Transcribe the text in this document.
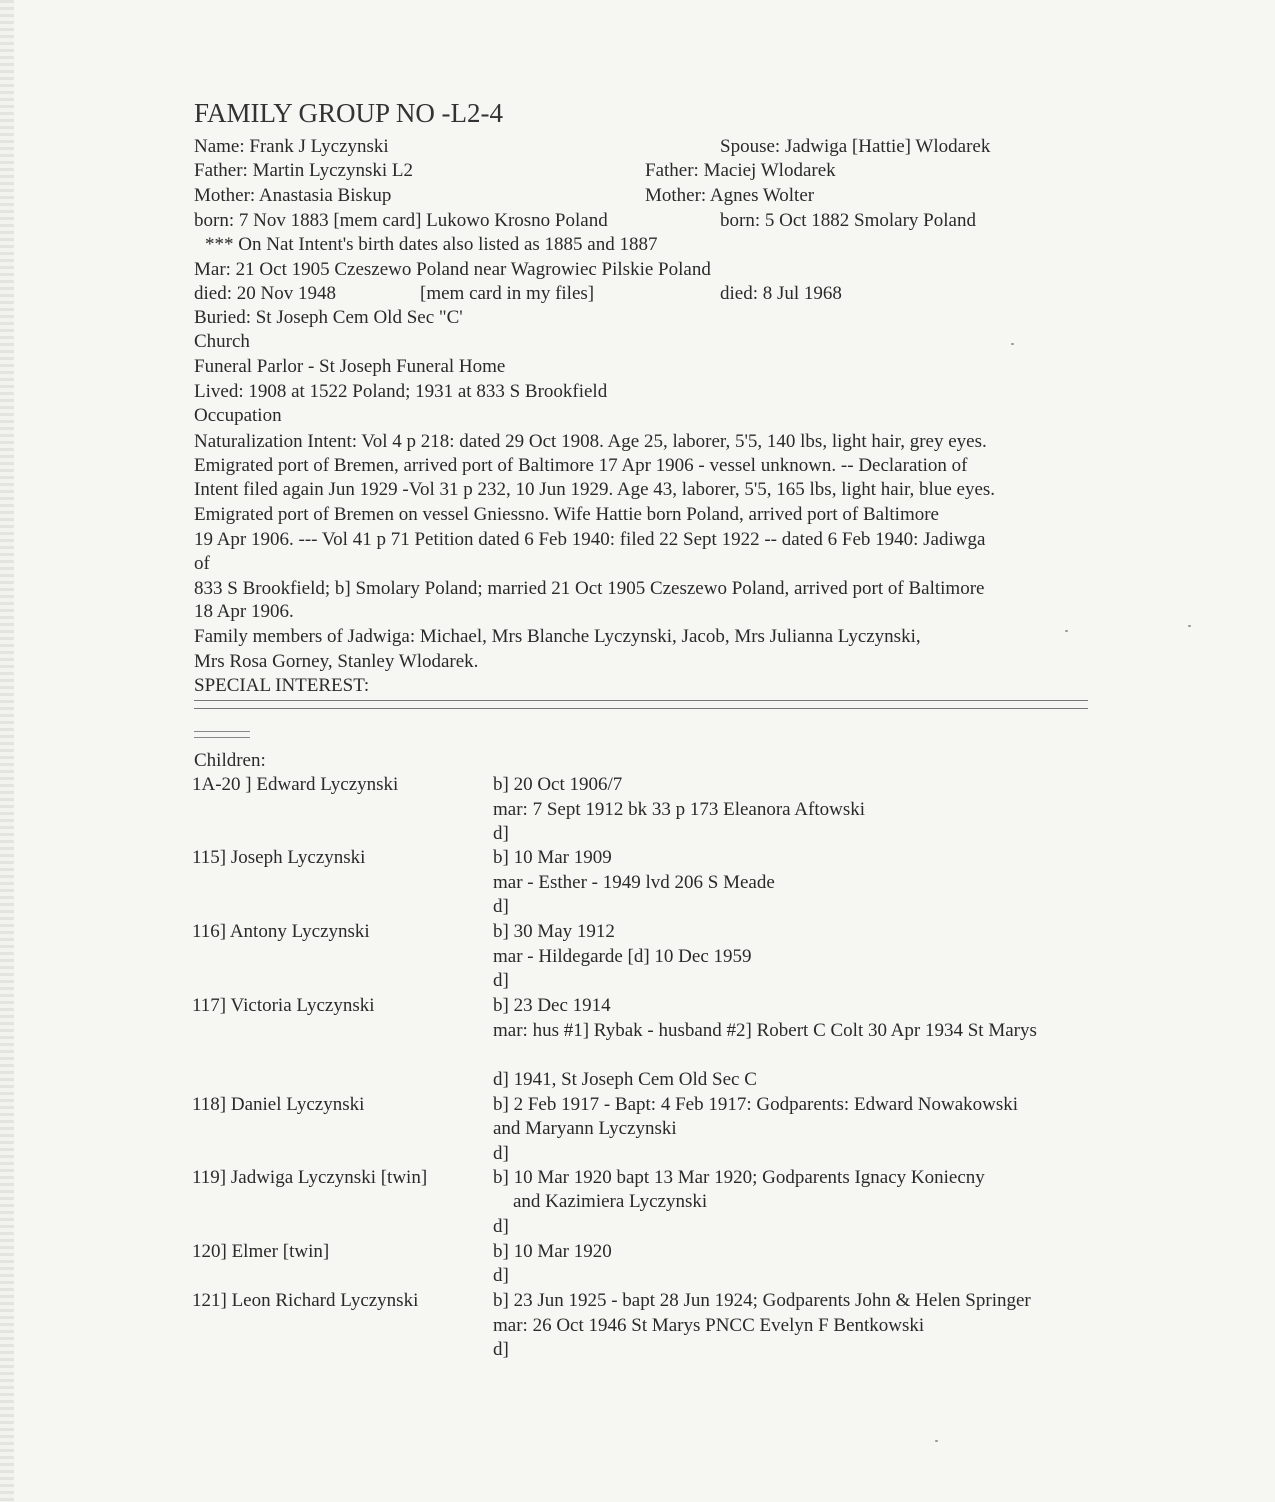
FAMILY GROUP NO -L2-4
Name: Frank J Lyczynski	Spouse: Jadwiga [Hattie] Wlodarek
Father: Martin Lyczynski L2	Father: Maciej Wlodarek
Mother: Anastasia Biskup	Mother: Agnes Wolter
born: 7 Nov 1883 [mem card] Lukowo Krosno Poland	born: 5 Oct 1882 Smolary Poland
*** On Nat Intent's birth dates also listed as 1885 and 1887
Mar: 21 Oct 1905 Czeszewo Poland near Wagrowiec Pilskie Poland
died: 20 Nov 1948	[mem card in my files]	died: 8 Jul 1968
Buried: St Joseph Cem Old Sec "C'
Church
Funeral Parlor - St Joseph Funeral Home
Lived: 1908 at 1522 Poland; 1931 at 833 S Brookfield
Occupation
Naturalization Intent: Vol 4 p 218: dated 29 Oct 1908. Age 25, laborer, 5'5, 140 lbs, light hair, grey eyes.
Emigrated port of Bremen, arrived port of Baltimore 17 Apr 1906 - vessel unknown. -- Declaration of
Intent filed again Jun 1929 -Vol 31 p 232, 10 Jun 1929. Age 43, laborer, 5'5, 165 lbs, light hair, blue eyes.
Emigrated port of Bremen on vessel Gniessno. Wife Hattie born Poland, arrived port of Baltimore
19 Apr 1906. --- Vol 41 p 71 Petition dated 6 Feb 1940: filed 22 Sept 1922 -- dated 6 Feb 1940: Jadiwga
of
833 S Brookfield; b] Smolary Poland; married 21 Oct 1905 Czeszewo Poland, arrived port of Baltimore
18 Apr 1906.
Family members of Jadwiga: Michael, Mrs Blanche Lyczynski, Jacob, Mrs Julianna Lyczynski,
Mrs Rosa Gorney, Stanley Wlodarek.
SPECIAL INTEREST:
Children:
1A-20 ] Edward Lyczynski	b] 20 Oct 1906/7
mar: 7 Sept 1912 bk 33 p 173 Eleanora Aftowski
d]
115] Joseph Lyczynski	b] 10 Mar 1909
mar - Esther - 1949 lvd 206 S Meade
d]
116] Antony Lyczynski	b] 30 May 1912
mar - Hildegarde [d] 10 Dec 1959
d]
117] Victoria Lyczynski	b] 23 Dec 1914
mar: hus #1] Rybak - husband #2] Robert C Colt 30 Apr 1934 St Marys
d] 1941, St Joseph Cem Old Sec C
118] Daniel Lyczynski	b] 2 Feb 1917 - Bapt: 4 Feb 1917: Godparents: Edward Nowakowski
and Maryann Lyczynski
d]
119] Jadwiga Lyczynski [twin]	b] 10 Mar 1920 bapt 13 Mar 1920; Godparents Ignacy Koniecny
and Kazimiera Lyczynski
d]
120] Elmer [twin]	b] 10 Mar 1920
d]
121] Leon Richard Lyczynski	b] 23 Jun 1925 - bapt 28 Jun 1924; Godparents John & Helen Springer
mar: 26 Oct 1946 St Marys PNCC Evelyn F Bentkowski
d]
